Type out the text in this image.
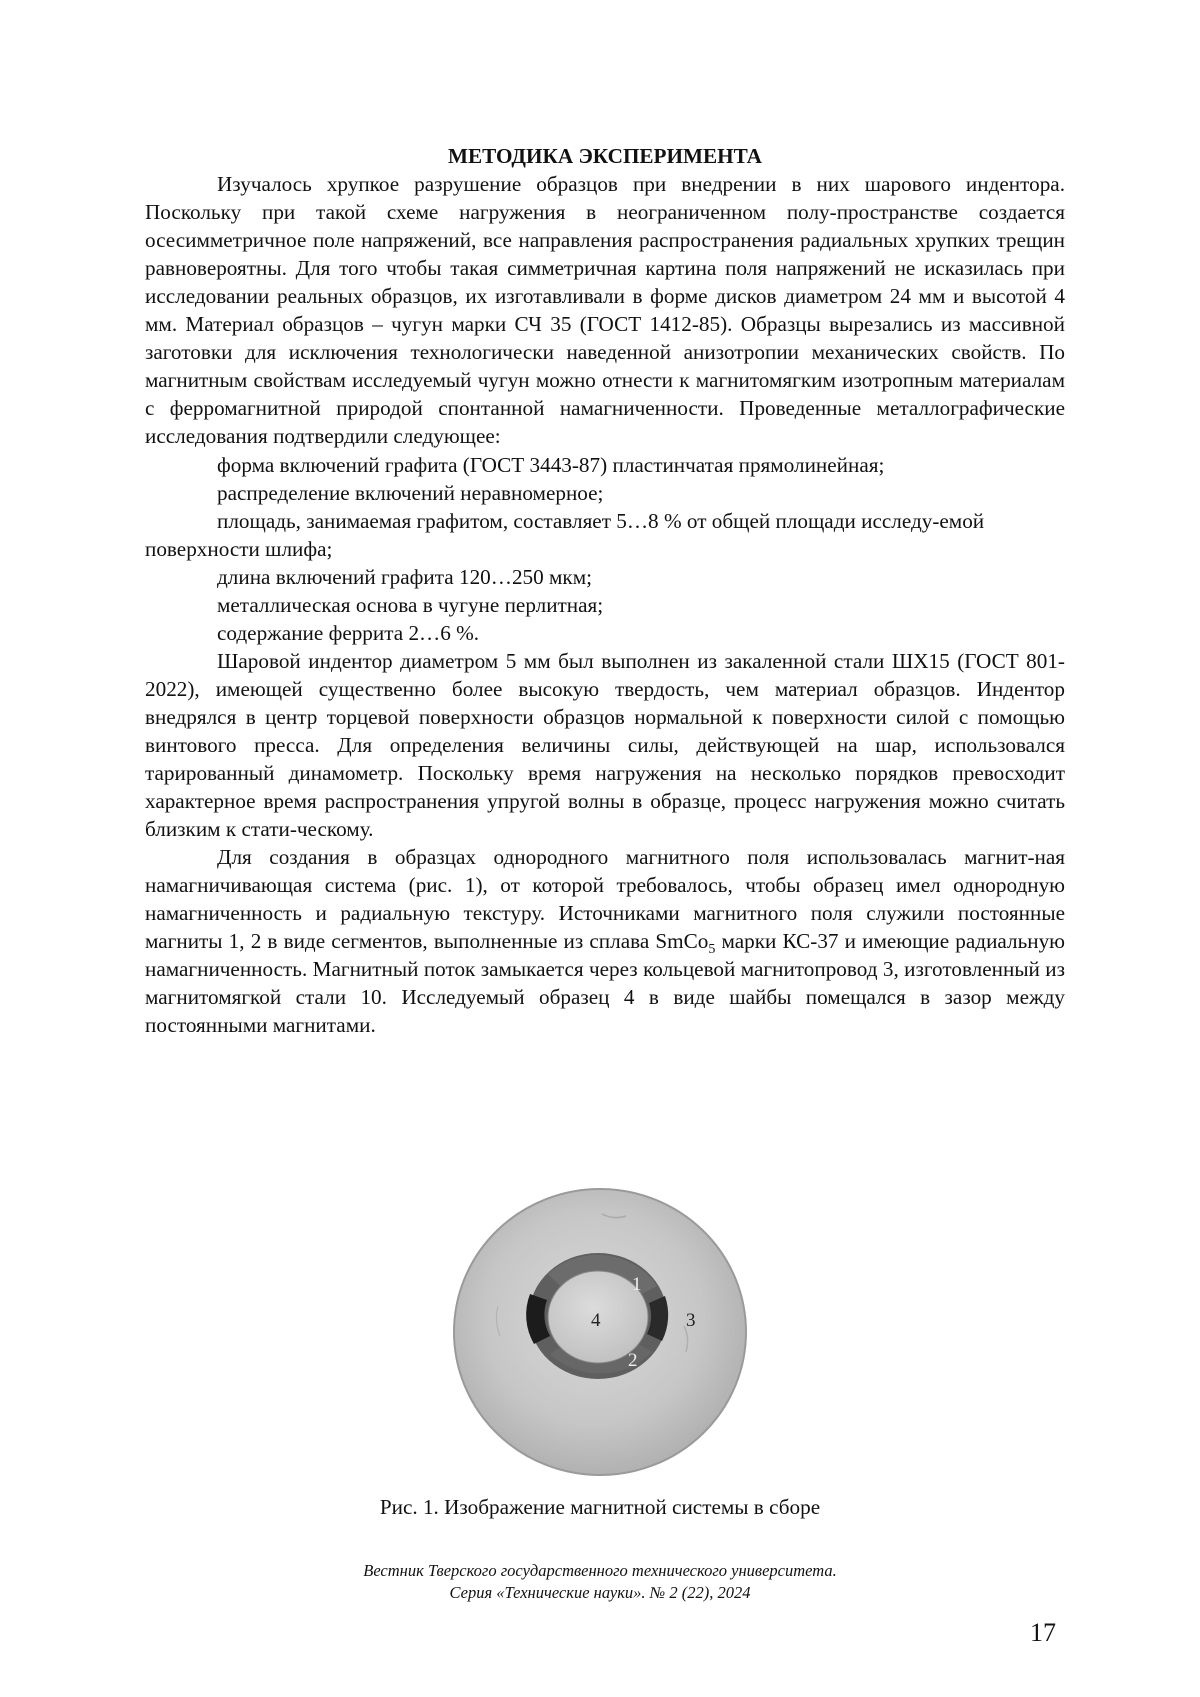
МЕТОДИКА ЭКСПЕРИМЕНТА

Изучалось хрупкое разрушение образцов при внедрении в них шарового индентора. Поскольку при такой схеме нагружения в неограниченном полу-пространстве создается осесимметричное поле напряжений, все направления распространения радиальных хрупких трещин равновероятны. Для того чтобы такая симметричная картина поля напряжений не исказилась при исследовании реальных образцов, их изготавливали в форме дисков диаметром 24 мм и высотой 4 мм. Материал образцов – чугун марки СЧ 35 (ГОСТ 1412-85). Образцы вырезались из массивной заготовки для исключения технологически наведенной анизотропии механических свойств. По магнитным свойствам исследуемый чугун можно отнести к магнитомягким изотропным материалам с ферромагнитной природой спонтанной намагниченности. Проведенные металлографические исследования подтвердили следующее:

форма включений графита (ГОСТ 3443-87) пластинчатая прямолинейная;

распределение включений неравномерное;

площадь, занимаемая графитом, составляет 5…8 % от общей площади исследу-емой поверхности шлифа;

длина включений графита 120…250 мкм;

металлическая основа в чугуне перлитная;

содержание феррита 2…6 %.

Шаровой индентор диаметром 5 мм был выполнен из закаленной стали ШХ15 (ГОСТ 801-2022), имеющей существенно более высокую твердость, чем материал образцов. Индентор внедрялся в центр торцевой поверхности образцов нормальной к поверхности силой с помощью винтового пресса. Для определения величины силы, действующей на шар, использовался тарированный динамометр. Поскольку время нагружения на несколько порядков превосходит характерное время распространения упругой волны в образце, процесс нагружения можно считать близким к стати-ческому.

Для создания в образцах однородного магнитного поля использовалась магнит-ная намагничивающая система (рис. 1), от которой требовалось, чтобы образец имел однородную намагниченность и радиальную текстуру. Источниками магнитного поля служили постоянные магниты 1, 2 в виде сегментов, выполненные из сплава SmCo5 марки КС-37 и имеющие радиальную намагниченность. Магнитный поток замыкается через кольцевой магнитопровод 3, изготовленный из магнитомягкой стали 10. Исследуемый образец 4 в виде шайбы помещался в зазор между постоянными магнитами.

1
2
3
4
Рис. 1. Изображение магнитной системы в сборе
Вестник Тверского государственного технического университета.
Серия «Технические науки». № 2 (22), 2024
17
